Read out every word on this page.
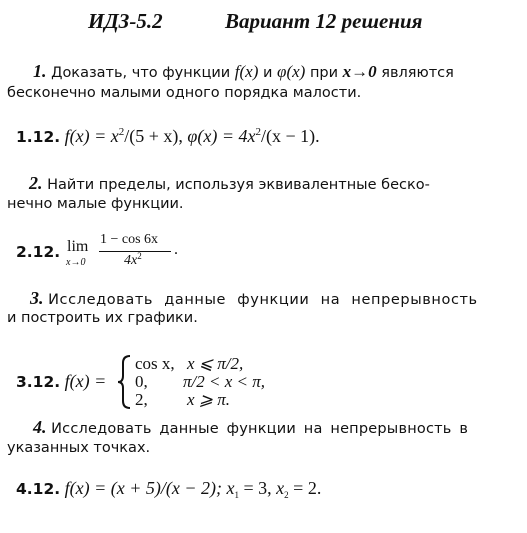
ИДЗ-5.2	Вариант 12 решения
1. Доказать, что функции f(x) и φ(x) при x→0 являются
бесконечно малыми одного порядка малости.
1.12. $f(x) = x^2/(5 + x)$, $\varphi(x) = 4x^2/(x - 1)$.
2. Найти пределы, используя эквивалентные беско-
нечно малые функции.
2.12. lim
x→0
1 − cos 6x
$4x^2$ .
3. Исследовать данные функции на непрерывность
и построить их графики.
3.12. f(x) =
cos x, x ⩽ π/2,
0, π/2 < x < π,
2, x ⩾ π.
4. Исследовать данные функции на непрерывность в
указанных точках.
4.12. f(x) = (x + 5)/(x − 2); $x_1 = 3$, $x_2 = 2$.
